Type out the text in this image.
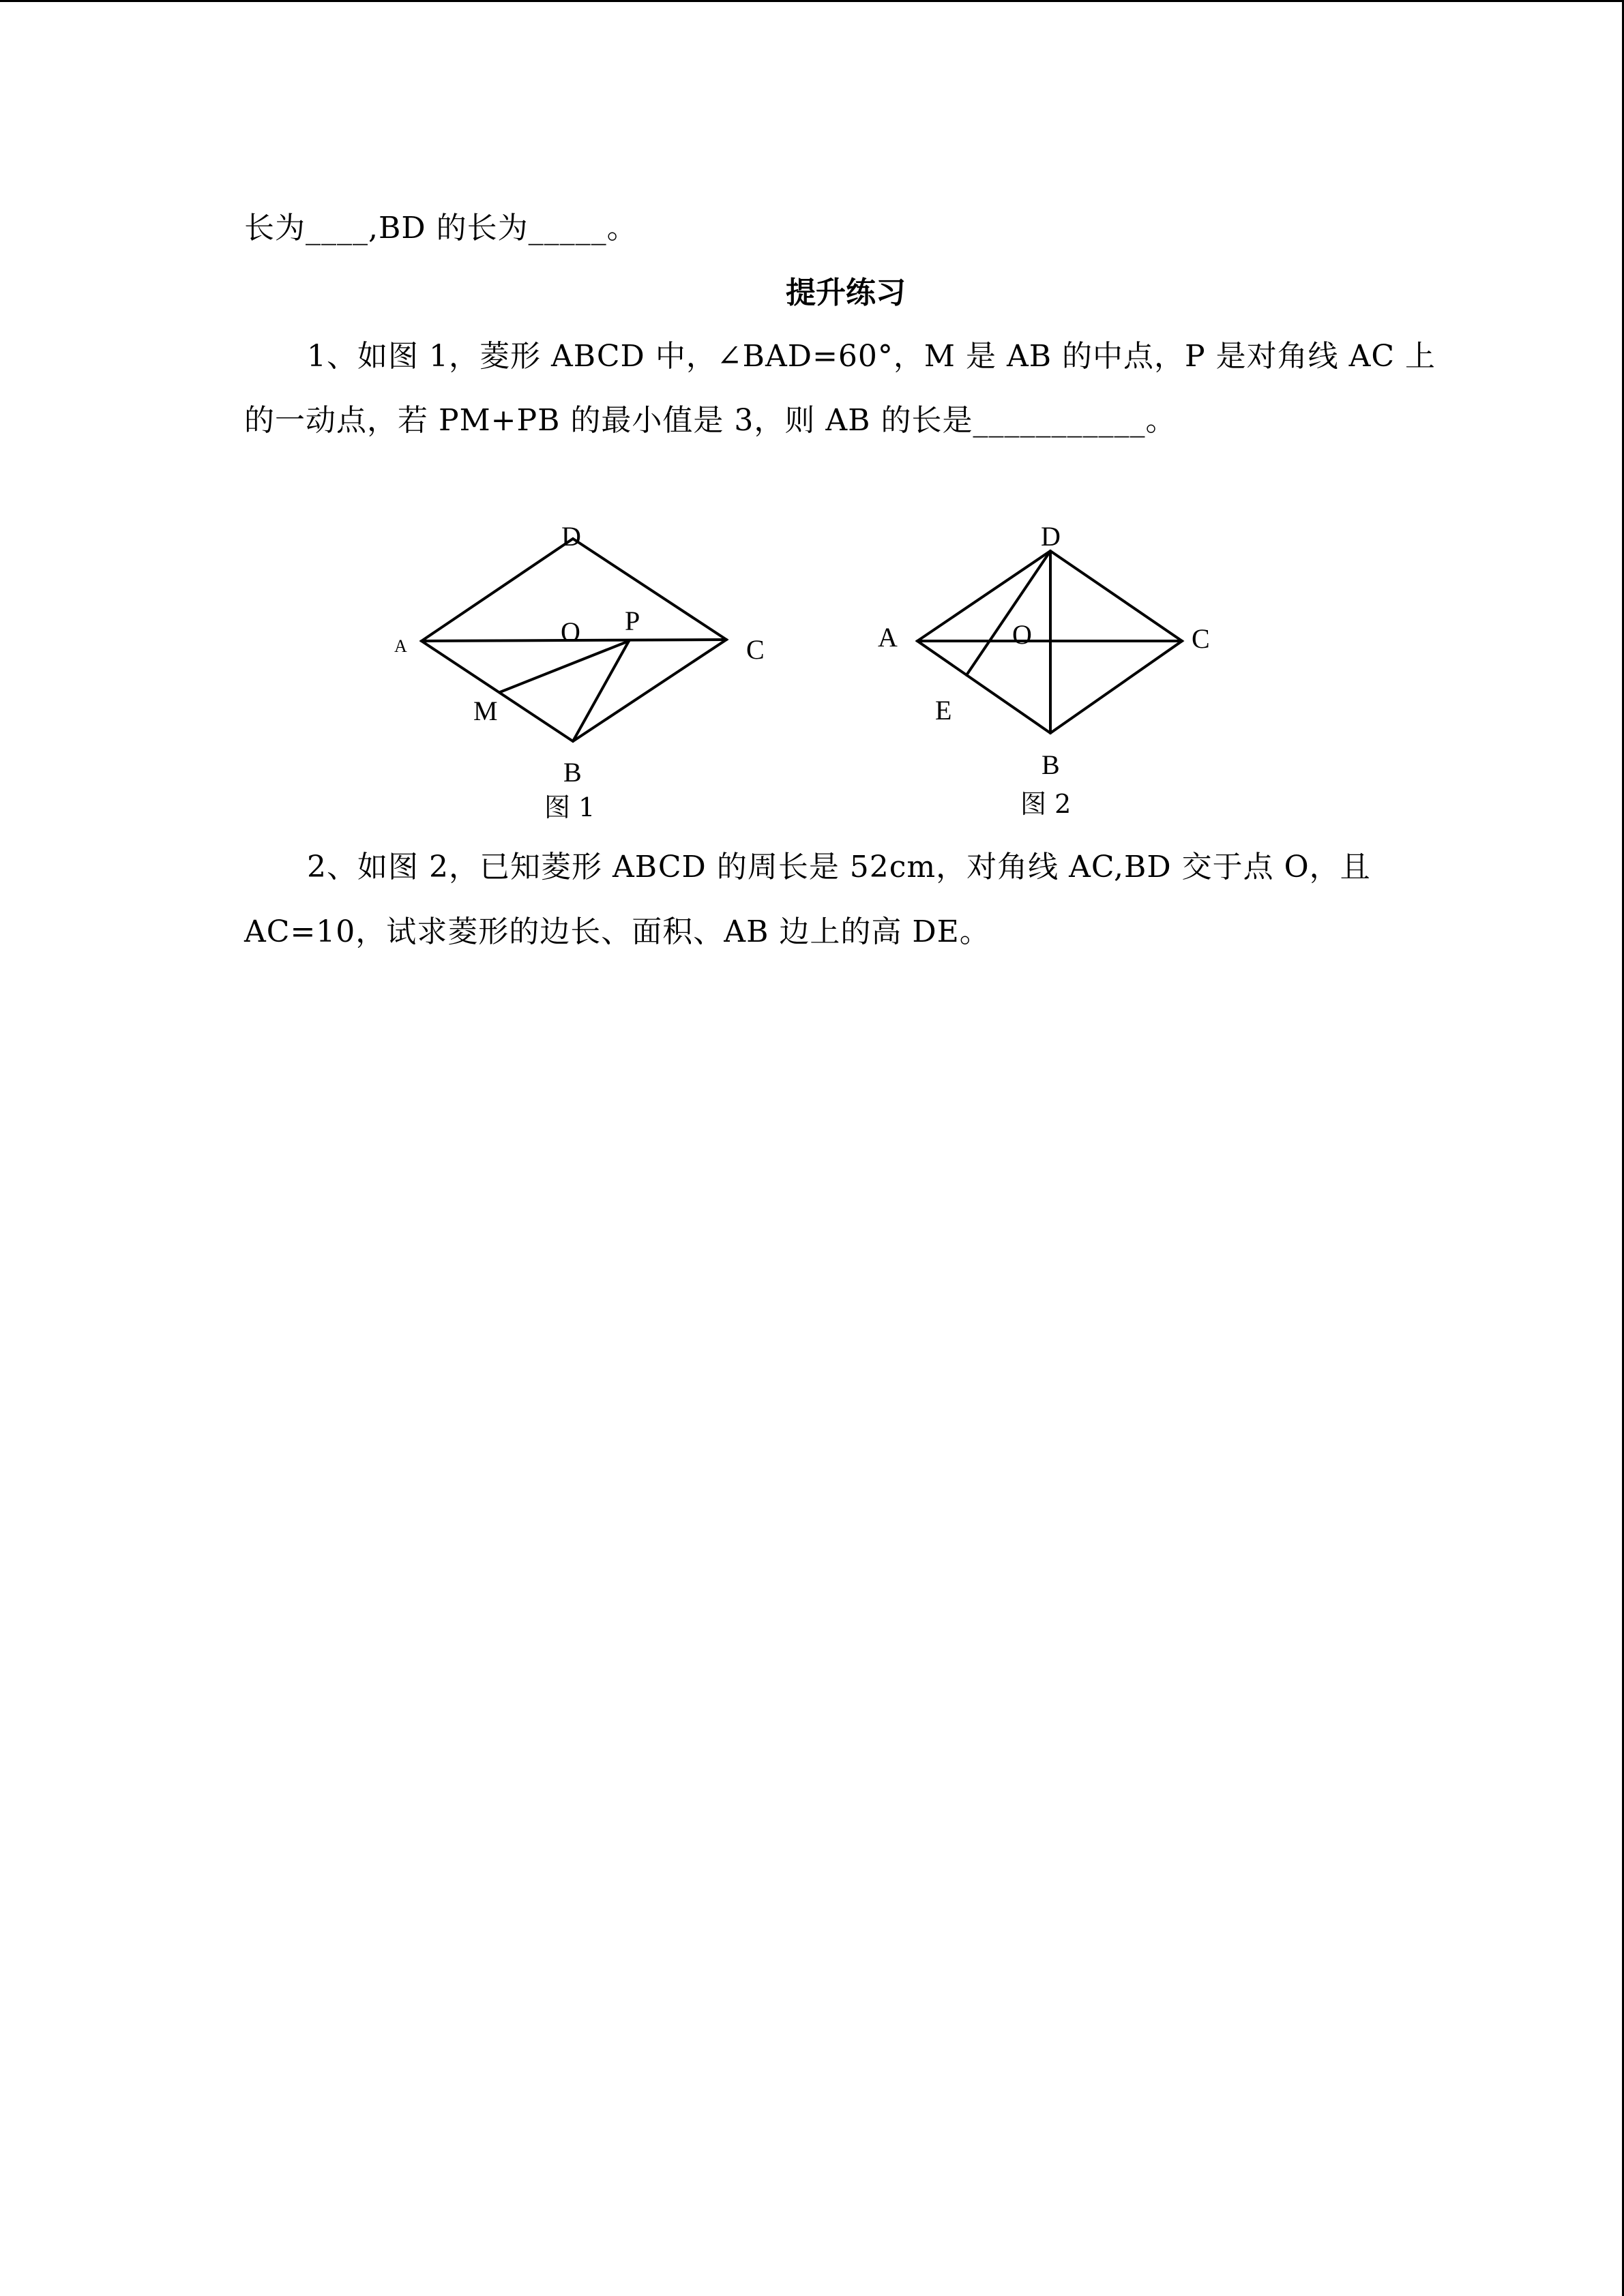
长为____,BD 的长为_____。
提升练习
1、如图 1，菱形 ABCD 中，∠BAD=60°，M 是 AB 的中点，P 是对角线 AC 上
的一动点，若 PM+PB 的最小值是 3，则 AB 的长是___________。
D
A	O P
C
M
B
图 1
D
A	O	C
E
B
图 2
2、如图 2，已知菱形 ABCD 的周长是 52cm，对角线 AC,BD 交于点 O，且
AC=10，试求菱形的边长、面积、AB 边上的高 DE。
